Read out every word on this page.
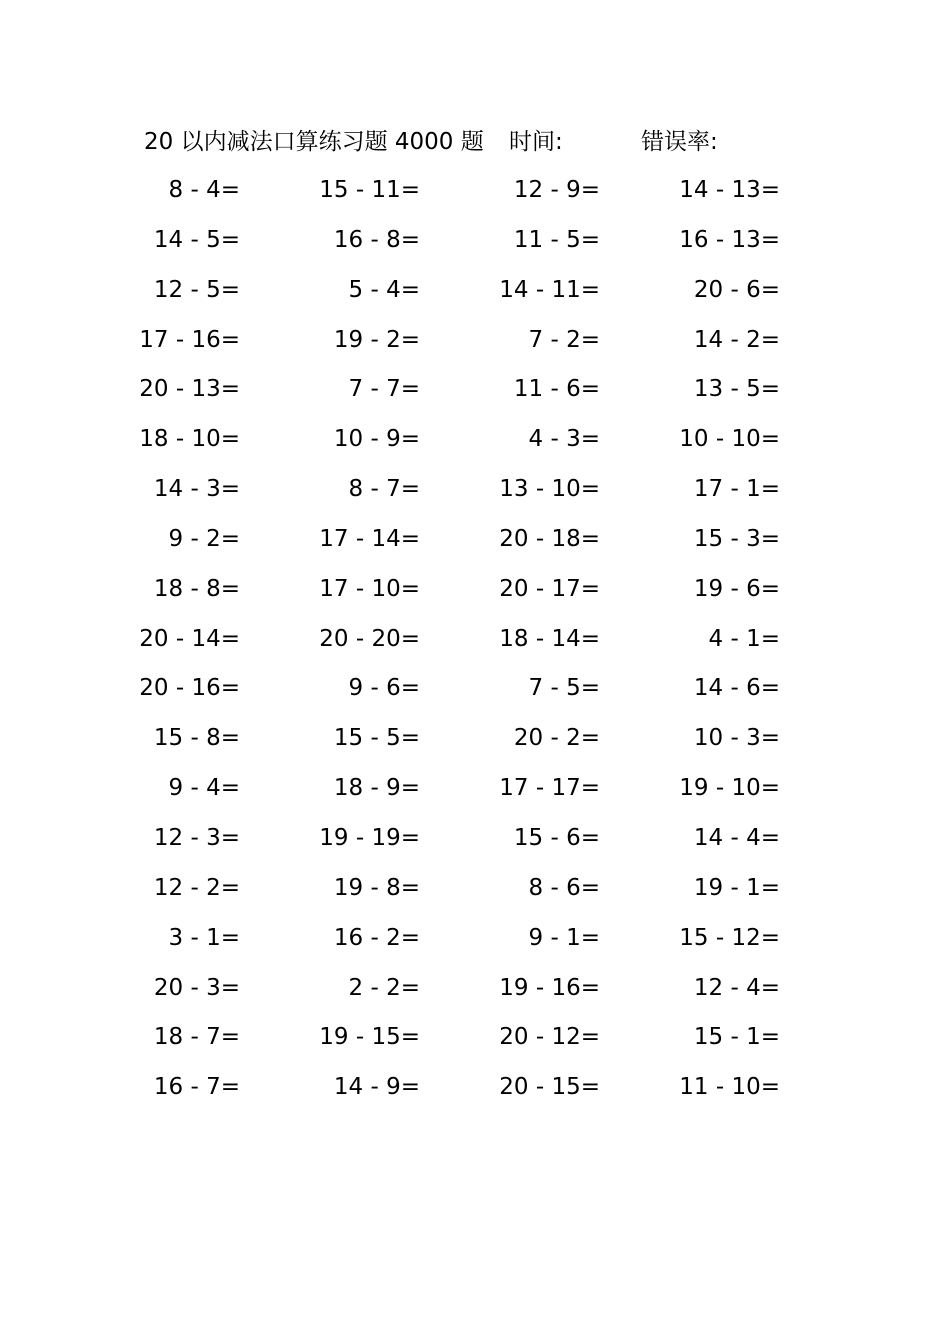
20 以内减法口算练习题 4000 题 时间:	错误率:
8 - 4=	15 - 11=	12 - 9=	14 - 13=
14 - 5=	16 - 8=	11 - 5=	16 - 13=
12 - 5=	5 - 4=	14 - 11=	20 - 6=
17 - 16=	19 - 2=	7 - 2=	14 - 2=
20 - 13=	7 - 7=	11 - 6=	13 - 5=
18 - 10=	10 - 9=	4 - 3=	10 - 10=
14 - 3=	8 - 7=	13 - 10=	17 - 1=
9 - 2=	17 - 14=	20 - 18=	15 - 3=
18 - 8=	17 - 10=	20 - 17=	19 - 6=
20 - 14=	20 - 20=	18 - 14=	4 - 1=
20 - 16=	9 - 6=	7 - 5=	14 - 6=
15 - 8=	15 - 5=	20 - 2=	10 - 3=
9 - 4=	18 - 9=	17 - 17=	19 - 10=
12 - 3=	19 - 19=	15 - 6=	14 - 4=
12 - 2=	19 - 8=	8 - 6=	19 - 1=
3 - 1=	16 - 2=	9 - 1=	15 - 12=
20 - 3=	2 - 2=	19 - 16=	12 - 4=
18 - 7=	19 - 15=	20 - 12=	15 - 1=
16 - 7=	14 - 9=	20 - 15=	11 - 10=
